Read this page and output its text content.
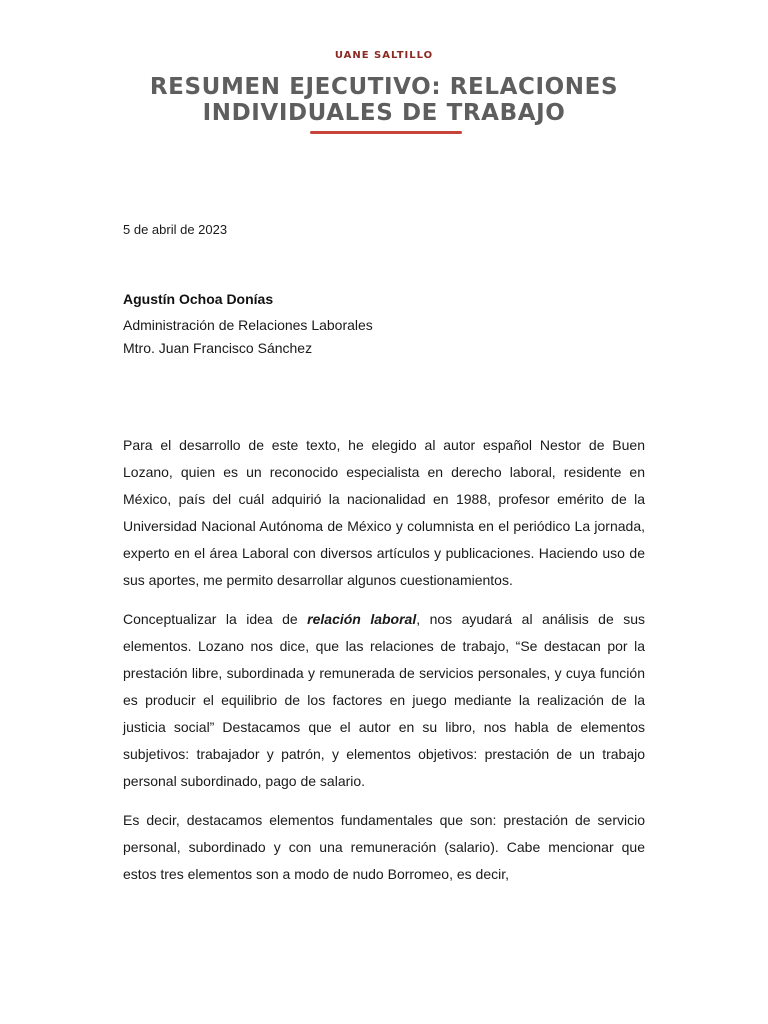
UANE SALTILLO
RESUMEN EJECUTIVO: RELACIONES
INDIVIDUALES DE TRABAJO
5 de abril de 2023
Agustín Ochoa Donías
Administración de Relaciones Laborales
Mtro. Juan Francisco Sánchez

Para el desarrollo de este texto, he elegido al autor español Nestor de Buen Lozano, quien es un reconocido especialista en derecho laboral, residente en México, país del cuál adquirió la nacionalidad en 1988, profesor emérito de la Universidad Nacional Autónoma de México y columnista en el periódico La jornada, experto en el área Laboral con diversos artículos y publicaciones. Haciendo uso de sus aportes, me permito desarrollar algunos cuestionamientos.

Conceptualizar la idea de relación laboral, nos ayudará al análisis de sus elementos. Lozano nos dice, que las relaciones de trabajo, “Se destacan por la prestación libre, subordinada y remunerada de servicios personales, y cuya función es producir el equilibrio de los factores en juego mediante la realización de la justicia social” Destacamos que el autor en su libro, nos habla de elementos subjetivos: trabajador y patrón, y elementos objetivos: prestación de un trabajo personal subordinado, pago de salario.

Es decir, destacamos elementos fundamentales que son: prestación de servicio personal, subordinado y con una remuneración (salario). Cabe mencionar que estos tres elementos son a modo de nudo Borromeo, es decir,
